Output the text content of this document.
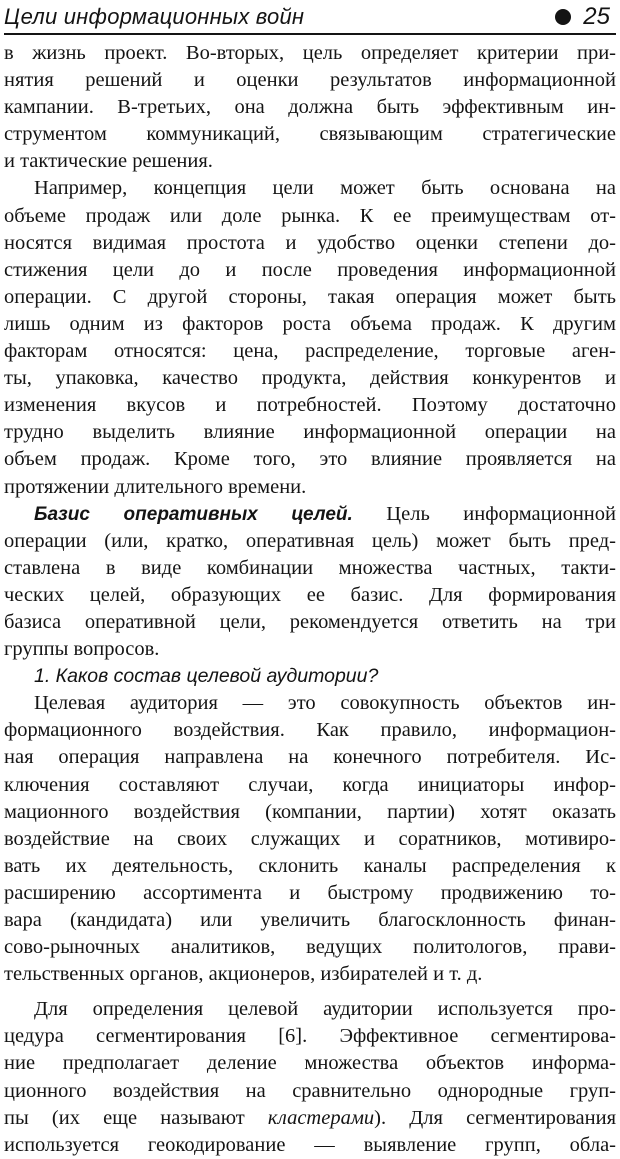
Цели информационных войн	25
в жизнь проект. Во-вторых, цель определяет критерии при-
нятия решений и оценки результатов информационной
кампании. В-третьих, она должна быть эффективным ин-
струментом коммуникаций, связывающим стратегические
и тактические решения.
Например, концепция цели может быть основана на
объеме продаж или доле рынка. К ее преимуществам от-
носятся видимая простота и удобство оценки степени до-
стижения цели до и после проведения информационной
операции. С другой стороны, такая операция может быть
лишь одним из факторов роста объема продаж. К другим
факторам относятся: цена, распределение, торговые аген-
ты, упаковка, качество продукта, действия конкурентов и
изменения вкусов и потребностей. Поэтому достаточно
трудно выделить влияние информационной операции на
объем продаж. Кроме того, это влияние проявляется на
протяжении длительного времени.
Базис оперативных целей. Цель информационной
операции (или, кратко, оперативная цель) может быть пред-
ставлена в виде комбинации множества частных, такти-
ческих целей, образующих ее базис. Для формирования
базиса оперативной цели, рекомендуется ответить на три
группы вопросов.
1. Каков состав целевой аудитории?
Целевая аудитория — это совокупность объектов ин-
формационного воздействия. Как правило, информацион-
ная операция направлена на конечного потребителя. Ис-
ключения составляют случаи, когда инициаторы инфор-
мационного воздействия (компании, партии) хотят оказать
воздействие на своих служащих и соратников, мотивиро-
вать их деятельность, склонить каналы распределения к
расширению ассортимента и быстрому продвижению то-
вара (кандидата) или увеличить благосклонность финан-
сово-рыночных аналитиков, ведущих политологов, прави-
тельственных органов, акционеров, избирателей и т. д.
Для определения целевой аудитории используется про-
цедура сегментирования [6]. Эффективное сегментирова-
ние предполагает деление множества объектов информа-
ционного воздействия на сравнительно однородные груп-
пы (их еще называют кластерами). Для сегментирования
используется геокодирование — выявление групп, обла-
